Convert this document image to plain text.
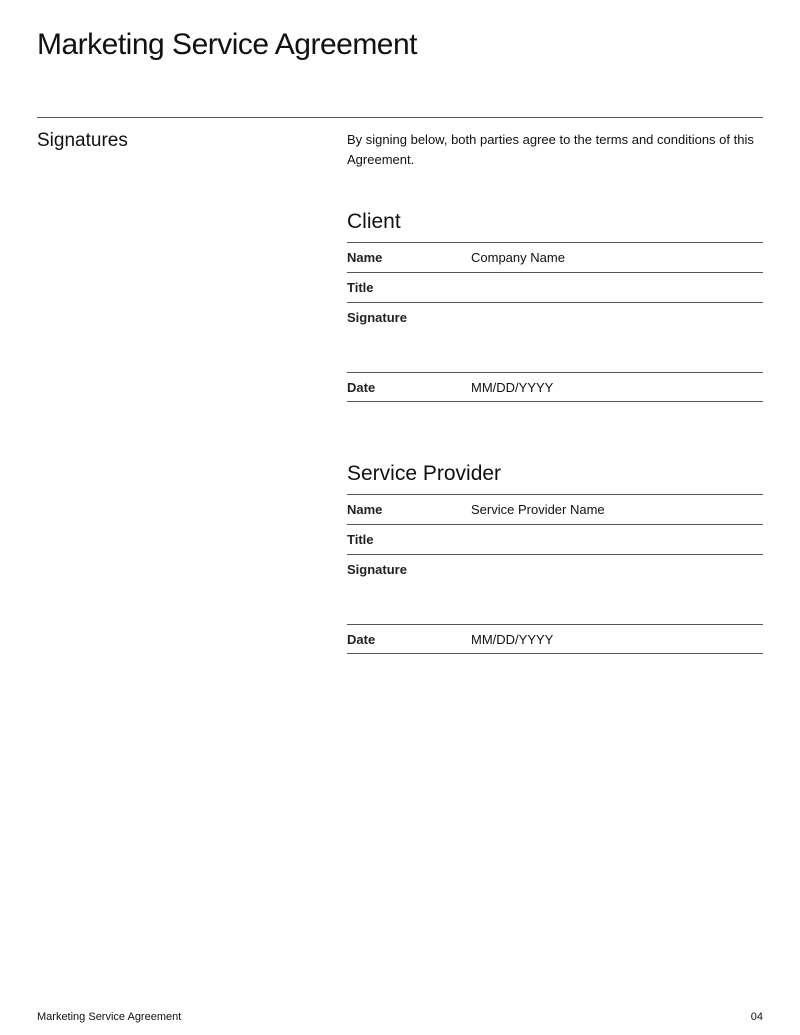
Marketing Service Agreement
Signatures	By signing below, both parties agree to the terms and conditions of this Agreement.
Client
Name	Company Name
Title
Signature
Date	MM/DD/YYYY
Service Provider
Name	Service Provider Name
Title
Signature
Date	MM/DD/YYYY
Marketing Service Agreement	04
